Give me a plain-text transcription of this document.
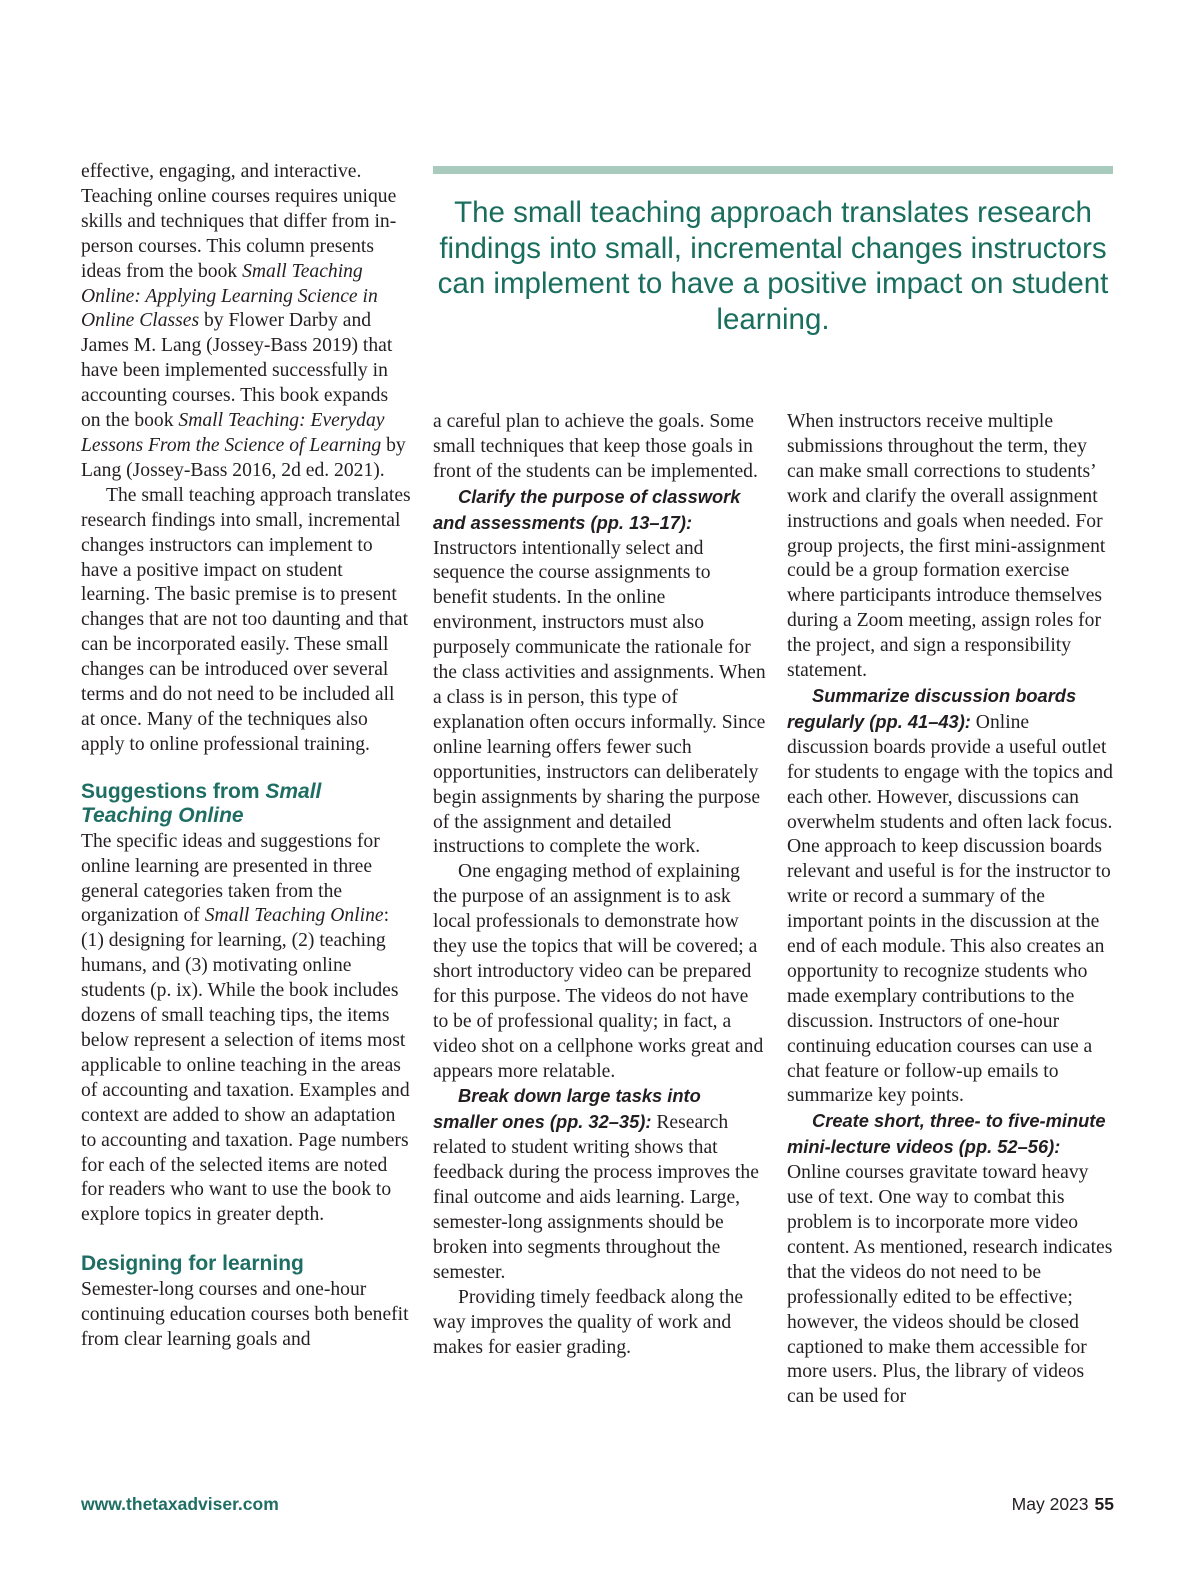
effective, engaging, and interactive. Teaching online courses requires unique skills and techniques that differ from in-person courses. This column presents ideas from the book Small Teaching Online: Applying Learning Science in Online Classes by Flower Darby and James M. Lang (Jossey-Bass 2019) that have been implemented successfully in accounting courses. This book expands on the book Small Teaching: Everyday Lessons From the Science of Learning by Lang (Jossey-Bass 2016, 2d ed. 2021).

The small teaching approach translates research findings into small, incremental changes instructors can implement to have a positive impact on student learning. The basic premise is to present changes that are not too daunting and that can be incorporated easily. These small changes can be introduced over several terms and do not need to be included all at once. Many of the techniques also apply to online professional training.

Suggestions from Small Teaching Online

The specific ideas and suggestions for online learning are presented in three general categories taken from the organization of Small Teaching Online: (1) designing for learning, (2) teaching humans, and (3) motivating online students (p. ix). While the book includes dozens of small teaching tips, the items below represent a selection of items most applicable to online teaching in the areas of accounting and taxation. Examples and context are added to show an adaptation to accounting and taxation. Page numbers for each of the selected items are noted for readers who want to use the book to explore topics in greater depth.

Designing for learning

Semester-long courses and one-hour continuing education courses both benefit from clear learning goals and

The small teaching approach translates research findings into small, incremental changes instructors can implement to have a positive impact on student learning.

a careful plan to achieve the goals. Some small techniques that keep those goals in front of the students can be implemented.

Clarify the purpose of classwork and assessments (pp. 13–17): Instructors intentionally select and sequence the course assignments to benefit students. In the online environment, instructors must also purposely communicate the rationale for the class activities and assignments. When a class is in person, this type of explanation often occurs informally. Since online learning offers fewer such opportunities, instructors can deliberately begin assignments by sharing the purpose of the assignment and detailed instructions to complete the work.

One engaging method of explaining the purpose of an assignment is to ask local professionals to demonstrate how they use the topics that will be covered; a short introductory video can be prepared for this purpose. The videos do not have to be of professional quality; in fact, a video shot on a cellphone works great and appears more relatable.

Break down large tasks into smaller ones (pp. 32–35): Research related to student writing shows that feedback during the process improves the final outcome and aids learning. Large, semester-long assignments should be broken into segments throughout the semester.

Providing timely feedback along the way improves the quality of work and makes for easier grading.

When instructors receive multiple submissions throughout the term, they can make small corrections to students’ work and clarify the overall assignment instructions and goals when needed. For group projects, the first mini-assignment could be a group formation exercise where participants introduce themselves during a Zoom meeting, assign roles for the project, and sign a responsibility statement.

Summarize discussion boards regularly (pp. 41–43): Online discussion boards provide a useful outlet for students to engage with the topics and each other. However, discussions can overwhelm students and often lack focus. One approach to keep discussion boards relevant and useful is for the instructor to write or record a summary of the important points in the discussion at the end of each module. This also creates an opportunity to recognize students who made exemplary contributions to the discussion. Instructors of one-hour continuing education courses can use a chat feature or follow-up emails to summarize key points.

Create short, three- to five-minute mini-lecture videos (pp. 52–56): Online courses gravitate toward heavy use of text. One way to combat this problem is to incorporate more video content. As mentioned, research indicates that the videos do not need to be professionally edited to be effective; however, the videos should be closed captioned to make them accessible for more users. Plus, the library of videos can be used for

www.thetaxadviser.com	May 2023 55
